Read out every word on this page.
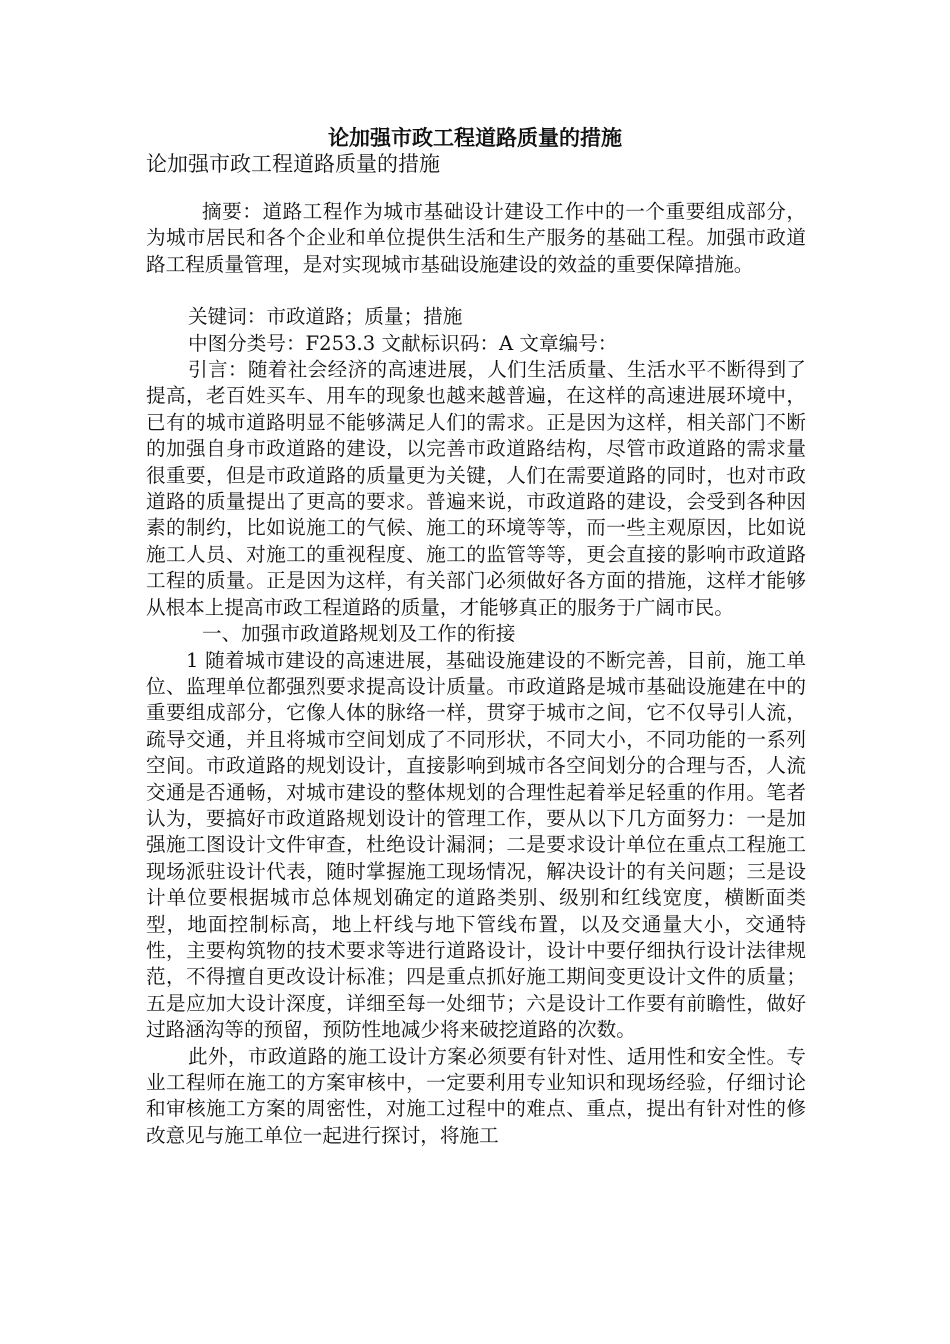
论加强市政工程道路质量的措施

论加强市政工程道路质量的措施

摘要：道路工程作为城市基础设计建设工作中的一个重要组成部分，为城市居民和各个企业和单位提供生活和生产服务的基础工程。加强市政道路工程质量管理，是对实现城市基础设施建设的效益的重要保障措施。

关键词：市政道路；质量；措施

中图分类号：F253.3 文献标识码：A 文章编号：

引言：随着社会经济的高速进展，人们生活质量、生活水平不断得到了提高，老百姓买车、用车的现象也越来越普遍，在这样的高速进展环境中，已有的城市道路明显不能够满足人们的需求。正是因为这样，相关部门不断的加强自身市政道路的建设，以完善市政道路结构，尽管市政道路的需求量很重要，但是市政道路的质量更为关键，人们在需要道路的同时，也对市政道路的质量提出了更高的要求。普遍来说，市政道路的建设，会受到各种因素的制约，比如说施工的气候、施工的环境等等，而一些主观原因，比如说施工人员、对施工的重视程度、施工的监管等等，更会直接的影响市政道路工程的质量。正是因为这样，有关部门必须做好各方面的措施，这样才能够从根本上提高市政工程道路的质量，才能够真正的服务于广阔市民。

一、加强市政道路规划及工作的衔接

1 随着城市建设的高速进展，基础设施建设的不断完善，目前，施工单位、监理单位都强烈要求提高设计质量。市政道路是城市基础设施建在中的重要组成部分，它像人体的脉络一样，贯穿于城市之间，它不仅导引人流，疏导交通，并且将城市空间划成了不同形状，不同大小，不同功能的一系列空间。市政道路的规划设计，直接影响到城市各空间划分的合理与否，人流交通是否通畅，对城市建设的整体规划的合理性起着举足轻重的作用。笔者认为，要搞好市政道路规划设计的管理工作，要从以下几方面努力：一是加强施工图设计文件审查，杜绝设计漏洞；二是要求设计单位在重点工程施工现场派驻设计代表，随时掌握施工现场情况，解决设计的有关问题；三是设计单位要根据城市总体规划确定的道路类别、级别和红线宽度，横断面类型，地面控制标高，地上杆线与地下管线布置，以及交通量大小，交通特性，主要构筑物的技术要求等进行道路设计，设计中要仔细执行设计法律规范，不得擅自更改设计标准；四是重点抓好施工期间变更设计文件的质量；五是应加大设计深度，详细至每一处细节；六是设计工作要有前瞻性，做好过路涵沟等的预留，预防性地减少将来破挖道路的次数。

此外，市政道路的施工设计方案必须要有针对性、适用性和安全性。专业工程师在施工的方案审核中，一定要利用专业知识和现场经验，仔细讨论和审核施工方案的周密性，对施工过程中的难点、重点，提出有针对性的修改意见与施工单位一起进行探讨，将施工
